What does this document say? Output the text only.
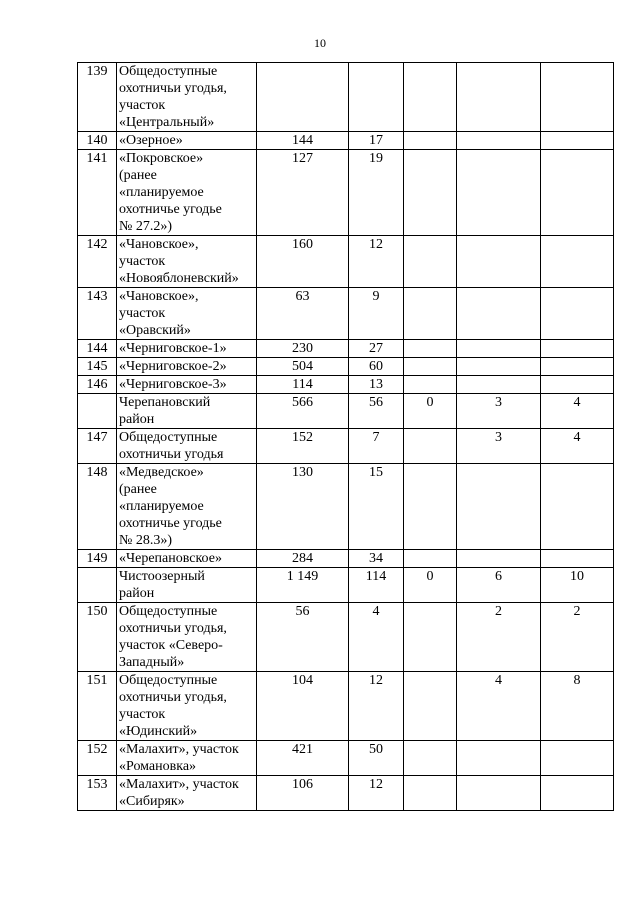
10
139	Общедоступные
охотничьи угодья,
участок
«Центральный»					

140	«Озерное»	144	17			
141	«Покровское»
(ранее
«планируемое
охотничье угодье
№ 27.2»)	127	19			
142	«Чановское»,
участок
«Новояблоневский»	160	12			
143	«Чановское»,
участок
«Оравский»	63	9			
144	«Черниговское-1»	230	27			
145	«Черниговское-2»	504	60			
146	«Черниговское-3»	114	13			

	Черепановский
район	566	56	0	3	4
147	Общедоступные
охотничьи угодья	152	7		3	4
148	«Медведское»
(ранее
«планируемое
охотничье угодье
№ 28.3»)	130	15			
149	«Черепановское»	284	34			

	Чистоозерный
район	1 149	114	0	6	10
150	Общедоступные
охотничьи угодья,
участок «Северо-
Западный»	56	4		2	2
151	Общедоступные
охотничьи угодья,
участок
«Юдинский»	104	12		4	8
152	«Малахит», участок
«Романовка»	421	50			
153	«Малахит», участок
«Сибиряк»	106	12			
